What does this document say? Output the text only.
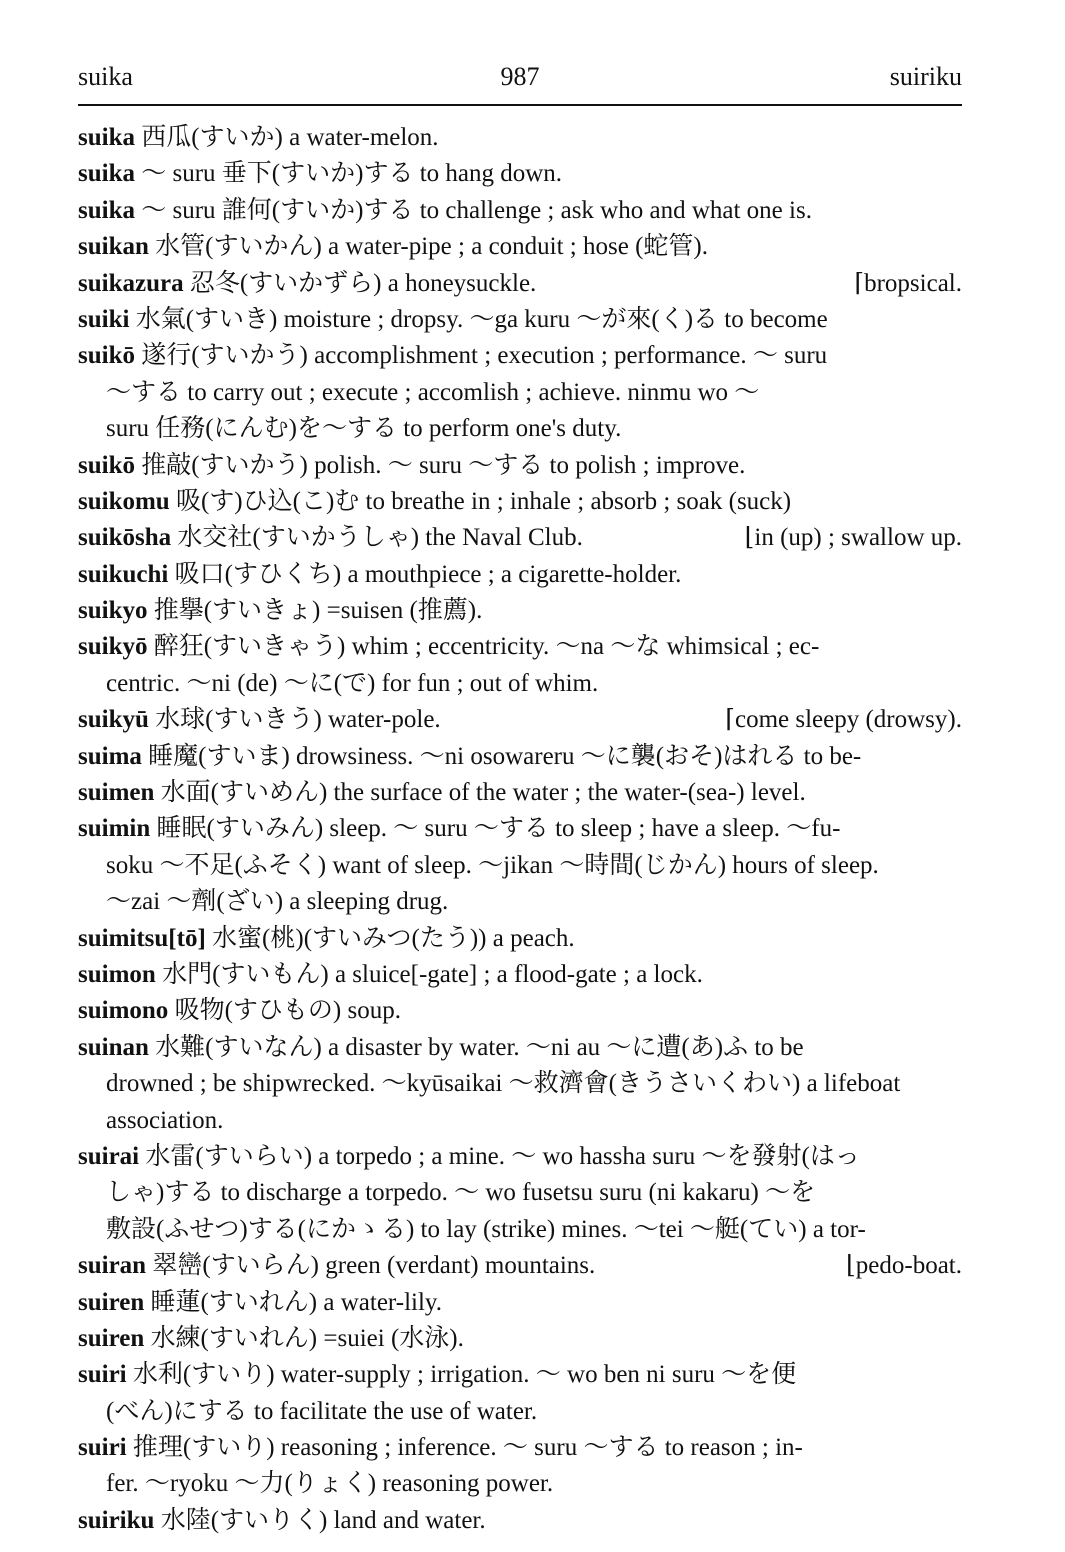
suika	987	suiriku
suika 西瓜(すいか) a water-melon.
suika ～ suru 垂下(すいか)する to hang down.
suika ～ suru 誰何(すいか)する to challenge ; ask who and what one is.
suikan 水管(すいかん) a water-pipe ; a conduit ; hose (蛇管).
suikazura 忍冬(すいかずら) a honeysuckle.	⌈bropsical.
suiki 水氣(すいき) moisture ; dropsy. ～ga kuru ～が來(く)る to become
suikō 遂行(すいかう) accomplishment ; execution ; performance. ～ suru
～する to carry out ; execute ; accomlish ; achieve. ninmu wo ～
suru 任務(にんむ)を～する to perform one's duty.
suikō 推敲(すいかう) polish. ～ suru ～する to polish ; improve.
suikomu 吸(す)ひ込(こ)む to breathe in ; inhale ; absorb ; soak (suck)
suikōsha 水交社(すいかうしゃ) the Naval Club.	⌊in (up) ; swallow up.
suikuchi 吸口(すひくち) a mouthpiece ; a cigarette-holder.
suikyo 推擧(すいきょ) =suisen (推薦).
suikyō 醉狂(すいきゃう) whim ; eccentricity. ～na ～な whimsical ; ec-
centric. ～ni (de) ～に(で) for fun ; out of whim.
suikyū 水球(すいきう) water-pole.	⌈come sleepy (drowsy).
suima 睡魔(すいま) drowsiness. ～ni osowareru ～に襲(おそ)はれる to be-
suimen 水面(すいめん) the surface of the water ; the water-(sea-) level.
suimin 睡眠(すいみん) sleep. ～ suru ～する to sleep ; have a sleep. ～fu-
soku ～不足(ふそく) want of sleep. ～jikan ～時間(じかん) hours of sleep.
～zai ～劑(ざい) a sleeping drug.
suimitsu[tō] 水蜜(桃)(すいみつ(たう)) a peach.
suimon 水門(すいもん) a sluice[-gate] ; a flood-gate ; a lock.
suimono 吸物(すひもの) soup.
suinan 水難(すいなん) a disaster by water. ～ni au ～に遭(あ)ふ to be
drowned ; be shipwrecked. ～kyūsaikai ～救濟會(きうさいくわい) a lifeboat
association.
suirai 水雷(すいらい) a torpedo ; a mine. ～ wo hassha suru ～を發射(はっ
しゃ)する to discharge a torpedo. ～ wo fusetsu suru (ni kakaru) ～を
敷設(ふせつ)する(にかゝる) to lay (strike) mines. ～tei ～艇(てい) a tor-
suiran 翠巒(すいらん) green (verdant) mountains.	⌊pedo-boat.
suiren 睡蓮(すいれん) a water-lily.
suiren 水練(すいれん) =suiei (水泳).
suiri 水利(すいり) water-supply ; irrigation. ～ wo ben ni suru ～を便
(べん)にする to facilitate the use of water.
suiri 推理(すいり) reasoning ; inference. ～ suru ～する to reason ; in-
fer. ～ryoku ～力(りょく) reasoning power.
suiriku 水陸(すいりく) land and water.
